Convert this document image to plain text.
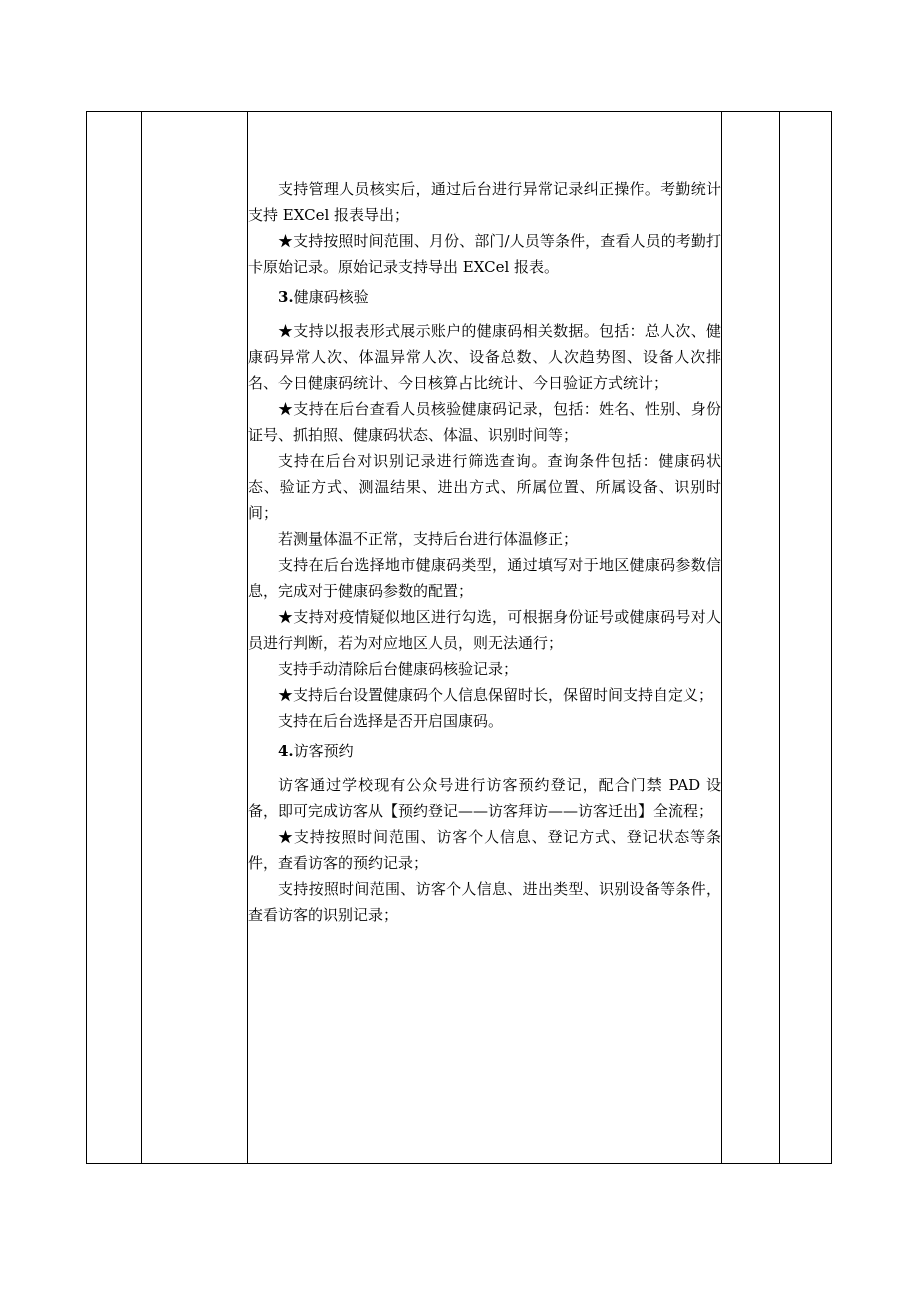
支持管理人员核实后，通过后台进行异常记录纠正操作。考勤统计支持 EXCel 报表导出；

★支持按照时间范围、月份、部门/人员等条件，查看人员的考勤打卡原始记录。原始记录支持导出 EXCel 报表。

3.健康码核验

★支持以报表形式展示账户的健康码相关数据。包括：总人次、健康码异常人次、体温异常人次、设备总数、人次趋势图、设备人次排名、今日健康码统计、今日核算占比统计、今日验证方式统计；

★支持在后台查看人员核验健康码记录，包括：姓名、性别、身份证号、抓拍照、健康码状态、体温、识别时间等；

支持在后台对识别记录进行筛选查询。查询条件包括：健康码状态、验证方式、测温结果、进出方式、所属位置、所属设备、识别时间；

若测量体温不正常，支持后台进行体温修正；

支持在后台选择地市健康码类型，通过填写对于地区健康码参数信息，完成对于健康码参数的配置；

★支持对疫情疑似地区进行勾选，可根据身份证号或健康码号对人员进行判断，若为对应地区人员，则无法通行；

支持手动清除后台健康码核验记录；

★支持后台设置健康码个人信息保留时长，保留时间支持自定义；

支持在后台选择是否开启国康码。

4.访客预约

访客通过学校现有公众号进行访客预约登记，配合门禁 PAD 设备，即可完成访客从【预约登记——访客拜访——访客迁出】全流程；

★支持按照时间范围、访客个人信息、登记方式、登记状态等条件，查看访客的预约记录；

支持按照时间范围、访客个人信息、进出类型、识别设备等条件，查看访客的识别记录；
